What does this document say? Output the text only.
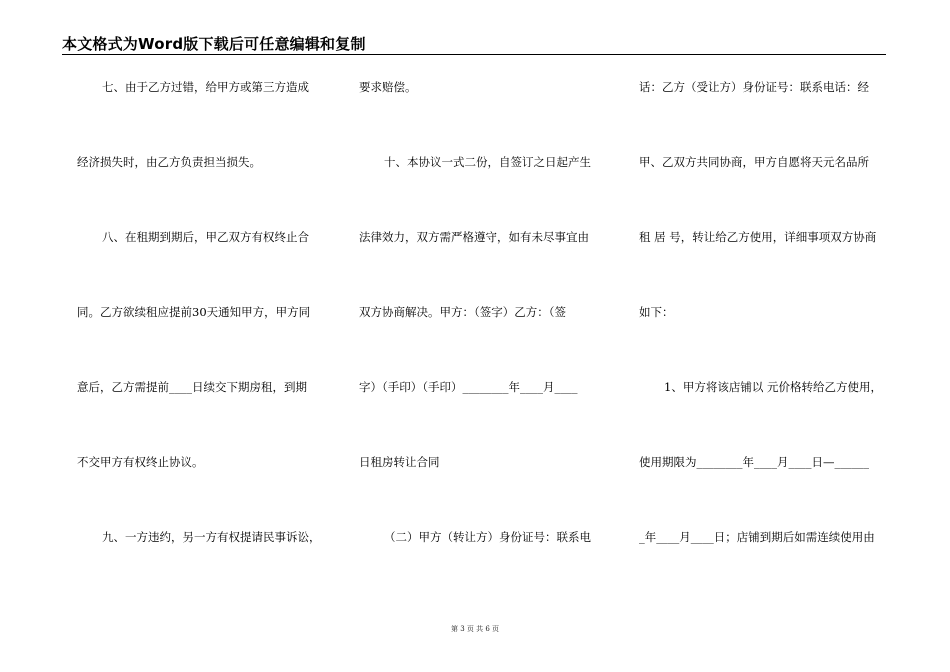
本文格式为Word版下载后可任意编辑和复制
七、由于乙方过错，给甲方或第三方造成
经济损失时，由乙方负责担当损失。
八、在租期到期后，甲乙双方有权终止合
同。乙方欲续租应提前30天通知甲方，甲方同
意后，乙方需提前____日续交下期房租，到期
不交甲方有权终止协议。
九、一方违约，另一方有权提请民事诉讼，
要求赔偿。
十、本协议一式二份，自签订之日起产生
法律效力，双方需严格遵守，如有未尽事宜由
双方协商解决。甲方：（签字）乙方：（签
字）（手印）（手印）________年____月____
日租房转让合同
（二）甲方（转让方）身份证号：联系电
话：乙方（受让方）身份证号：联系电话：经
甲、乙双方共同协商，甲方自愿将天元名品所
租 居 号，转让给乙方使用，详细事项双方协商
如下：
1、甲方将该店铺以 元价格转给乙方使用，
使用期限为________年____月____日—______
_年____月____日；店铺到期后如需连续使用由
第 3 页 共 6 页
